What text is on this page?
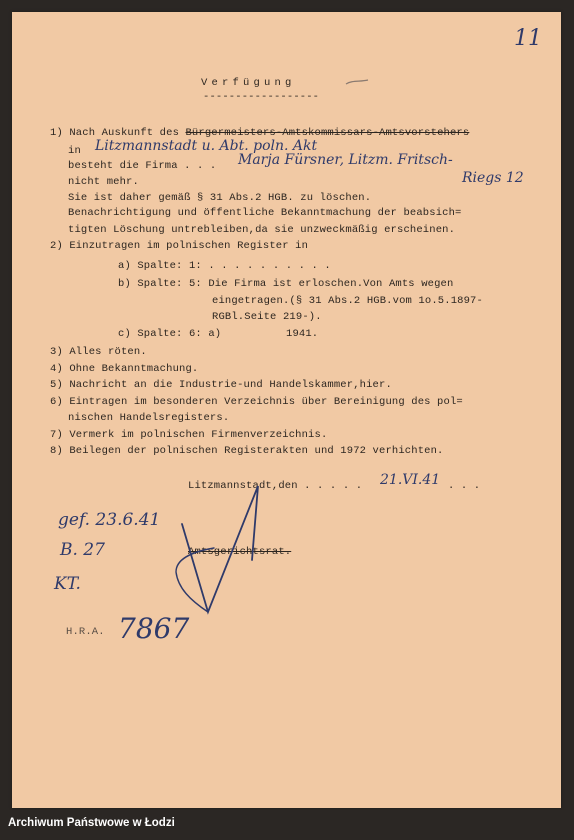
11
Verfügung
------------------
1) Nach Auskunft des Bürgermeisters-Amtskommissars-Amtsvorstehers
in Litzmannstadt u. Abt. poln. Akt
besteht die Firma . . . Marja Fürsner, Litzm. Fritsch-
Riegs 12
nicht mehr.
Sie ist daher gemäß § 31 Abs.2 HGB. zu löschen.
Benachrichtigung und öffentliche Bekanntmachung der beabsich=
tigten Löschung untrebleiben,da sie unzweckmäßig erscheinen.
2) Einzutragen im polnischen Register in
a) Spalte: 1: . . . . . . . . . .
b) Spalte: 5: Die Firma ist erloschen.Von Amts wegen
eingetragen.(§ 31 Abs.2 HGB.vom 1o.5.1897-
RGBl.Seite 219-).
c) Spalte: 6: a)	1941.
3) Alles röten.
4) Ohne Bekanntmachung.
5) Nachricht an die Industrie-und Handelskammer,hier.
6) Eintragen im besonderen Verzeichnis über Bereinigung des pol=
nischen Handelsregisters.
7) Vermerk im polnischen Firmenverzeichnis.
8) Beilegen der polnischen Registerakten und 1972 verhichten.
Litzmannstadt,den . . . . . 21.VI.41 . . .
gef. 23.6.41
B. 27
KT.
Amtsgerichtsrat.
H.R.A. 7867
Archiwum Państwowe w Łodzi
